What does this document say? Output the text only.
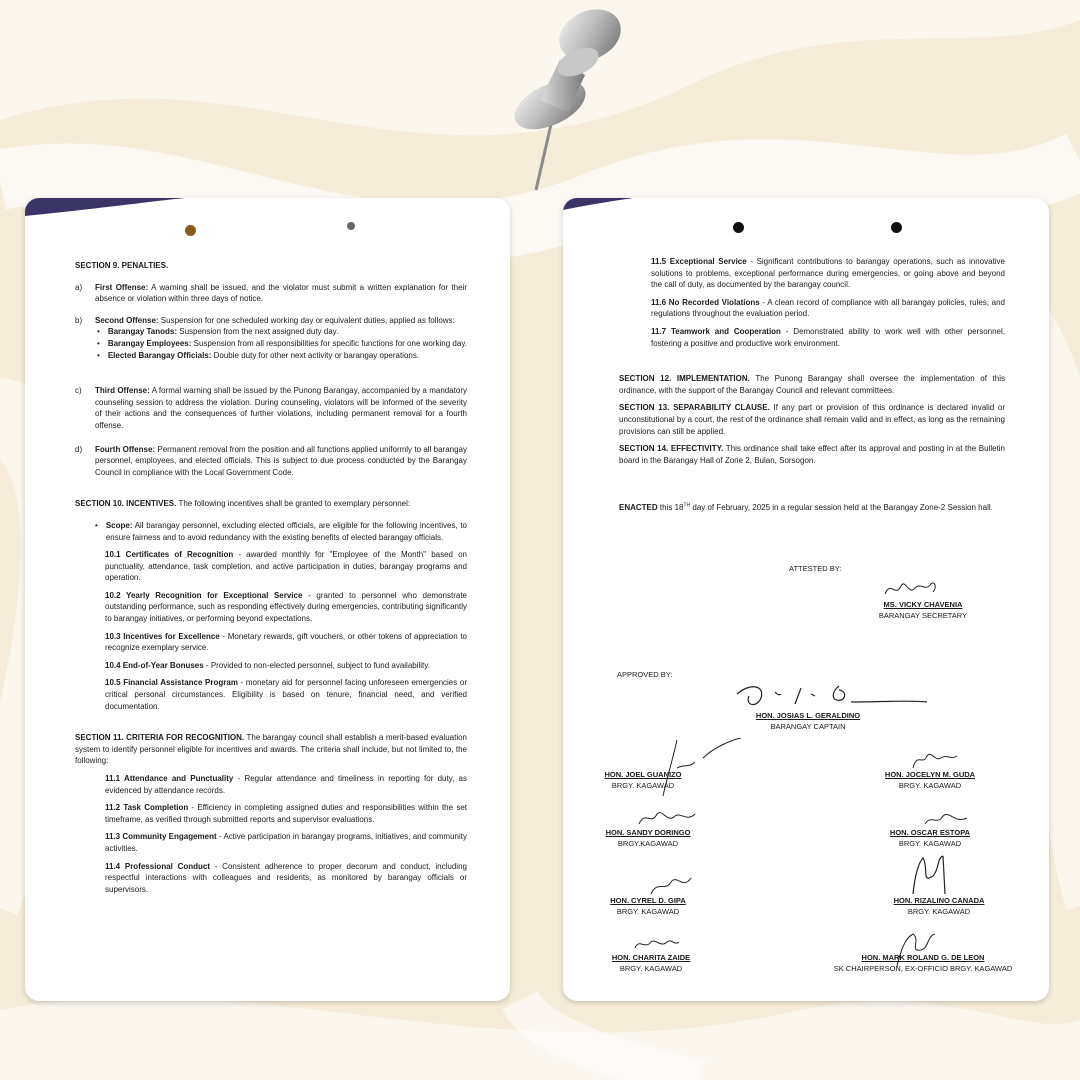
SECTION 9. PENALTIES.
a)	First Offense: A warning shall be issued, and the violator must submit a written explanation for their absence or violation within three days of notice.
b)	Second Offense: Suspension for one scheduled working day or equivalent duties, applied as follows:
• Barangay Tanods: Suspension from the next assigned duty day.
• Barangay Employees: Suspension from all responsibilities for specific functions for one working day.
• Elected Barangay Officials: Double duty for other next activity or barangay operations.
c)	Third Offense: A formal warning shall be issued by the Punong Barangay, accompanied by a mandatory counseling session to address the violation. During counseling, violators will be informed of the severity of their actions and the consequences of further violations, including permanent removal for a fourth offense.
d)	Fourth Offense: Permanent removal from the position and all functions applied uniformly to all barangay personnel, employees, and elected officials. This is subject to due process conducted by the Barangay Council in compliance with the Local Government Code.
SECTION 10. INCENTIVES. The following incentives shall be granted to exemplary personnel:
• Scope: All barangay personnel, excluding elected officials, are eligible for the following incentives, to ensure fairness and to avoid redundancy with the existing benefits of elected barangay officials.
10.1 Certificates of Recognition - awarded monthly for "Employee of the Month" based on punctuality, attendance, task completion, and active participation in duties, barangay programs and operation.
10.2 Yearly Recognition for Exceptional Service - granted to personnel who demonstrate outstanding performance, such as responding effectively during emergencies, contributing significantly to barangay initiatives, or performing beyond expectations.
10.3 Incentives for Excellence - Monetary rewards, gift vouchers, or other tokens of appreciation to recognize exemplary service.
10.4 End-of-Year Bonuses - Provided to non-elected personnel, subject to fund availability.
10.5 Financial Assistance Program - monetary aid for personnel facing unforeseen emergencies or critical personal circumstances. Eligibility is based on tenure, financial need, and verified documentation.
SECTION 11. CRITERIA FOR RECOGNITION. The barangay council shall establish a merit-based evaluation system to identify personnel eligible for incentives and awards. The criteria shall include, but not limited to, the following:
11.1 Attendance and Punctuality - Regular attendance and timeliness in reporting for duty, as evidenced by attendance records.
11.2 Task Completion - Efficiency in completing assigned duties and responsibilities within the set timeframe, as verified through submitted reports and supervisor evaluations.
11.3 Community Engagement - Active participation in barangay programs, initiatives, and community activities.
11.4 Professional Conduct - Consistent adherence to proper decorum and conduct, including respectful interactions with colleagues and residents, as monitored by barangay officials or supervisors.
11.5 Exceptional Service - Significant contributions to barangay operations, such as innovative solutions to problems, exceptional performance during emergencies, or going above and beyond the call of duty, as documented by the barangay council.
11.6 No Recorded Violations - A clean record of compliance with all barangay policies, rules, and regulations throughout the evaluation period.
11.7 Teamwork and Cooperation - Demonstrated ability to work well with other personnel, fostering a positive and productive work environment.
SECTION 12. IMPLEMENTATION. The Punong Barangay shall oversee the implementation of this ordinance, with the support of the Barangay Council and relevant committees.
SECTION 13. SEPARABILITY CLAUSE. If any part or provision of this ordinance is declared invalid or unconstitutional by a court, the rest of the ordinance shall remain valid and in effect, as long as the remaining provisions can still be applied.
SECTION 14. EFFECTIVITY. This ordinance shall take effect after its approval and posting in at the Bulletin board in the Barangay Hall of Zone 2, Bulan, Sorsogon.
ENACTED this 18TH day of February, 2025 in a regular session held at the Barangay Zone-2 Session hall.
ATTESTED BY:
MS. VICKY CHAVENIA
BARANGAY SECRETARY
APPROVED BY:
HON. JOSIAS L. GERALDINO
BARANGAY CAPTAIN
HON. JOEL GUANIZO
BRGY. KAGAWAD
HON. JOCELYN M. GUDA
BRGY. KAGAWAD
HON. SANDY DORINGO
BRGY.KAGAWAD
HON. OSCAR ESTOPA
BRGY. KAGAWAD
HON. CYREL D. GIPA
BRGY. KAGAWAD
HON. RIZALINO CANADA
BRGY. KAGAWAD
HON. CHARITA ZAIDE
BRGY. KAGAWAD
HON. MARK ROLAND G. DE LEON
SK CHAIRPERSON, EX-OFFICIO BRGY. KAGAWAD
